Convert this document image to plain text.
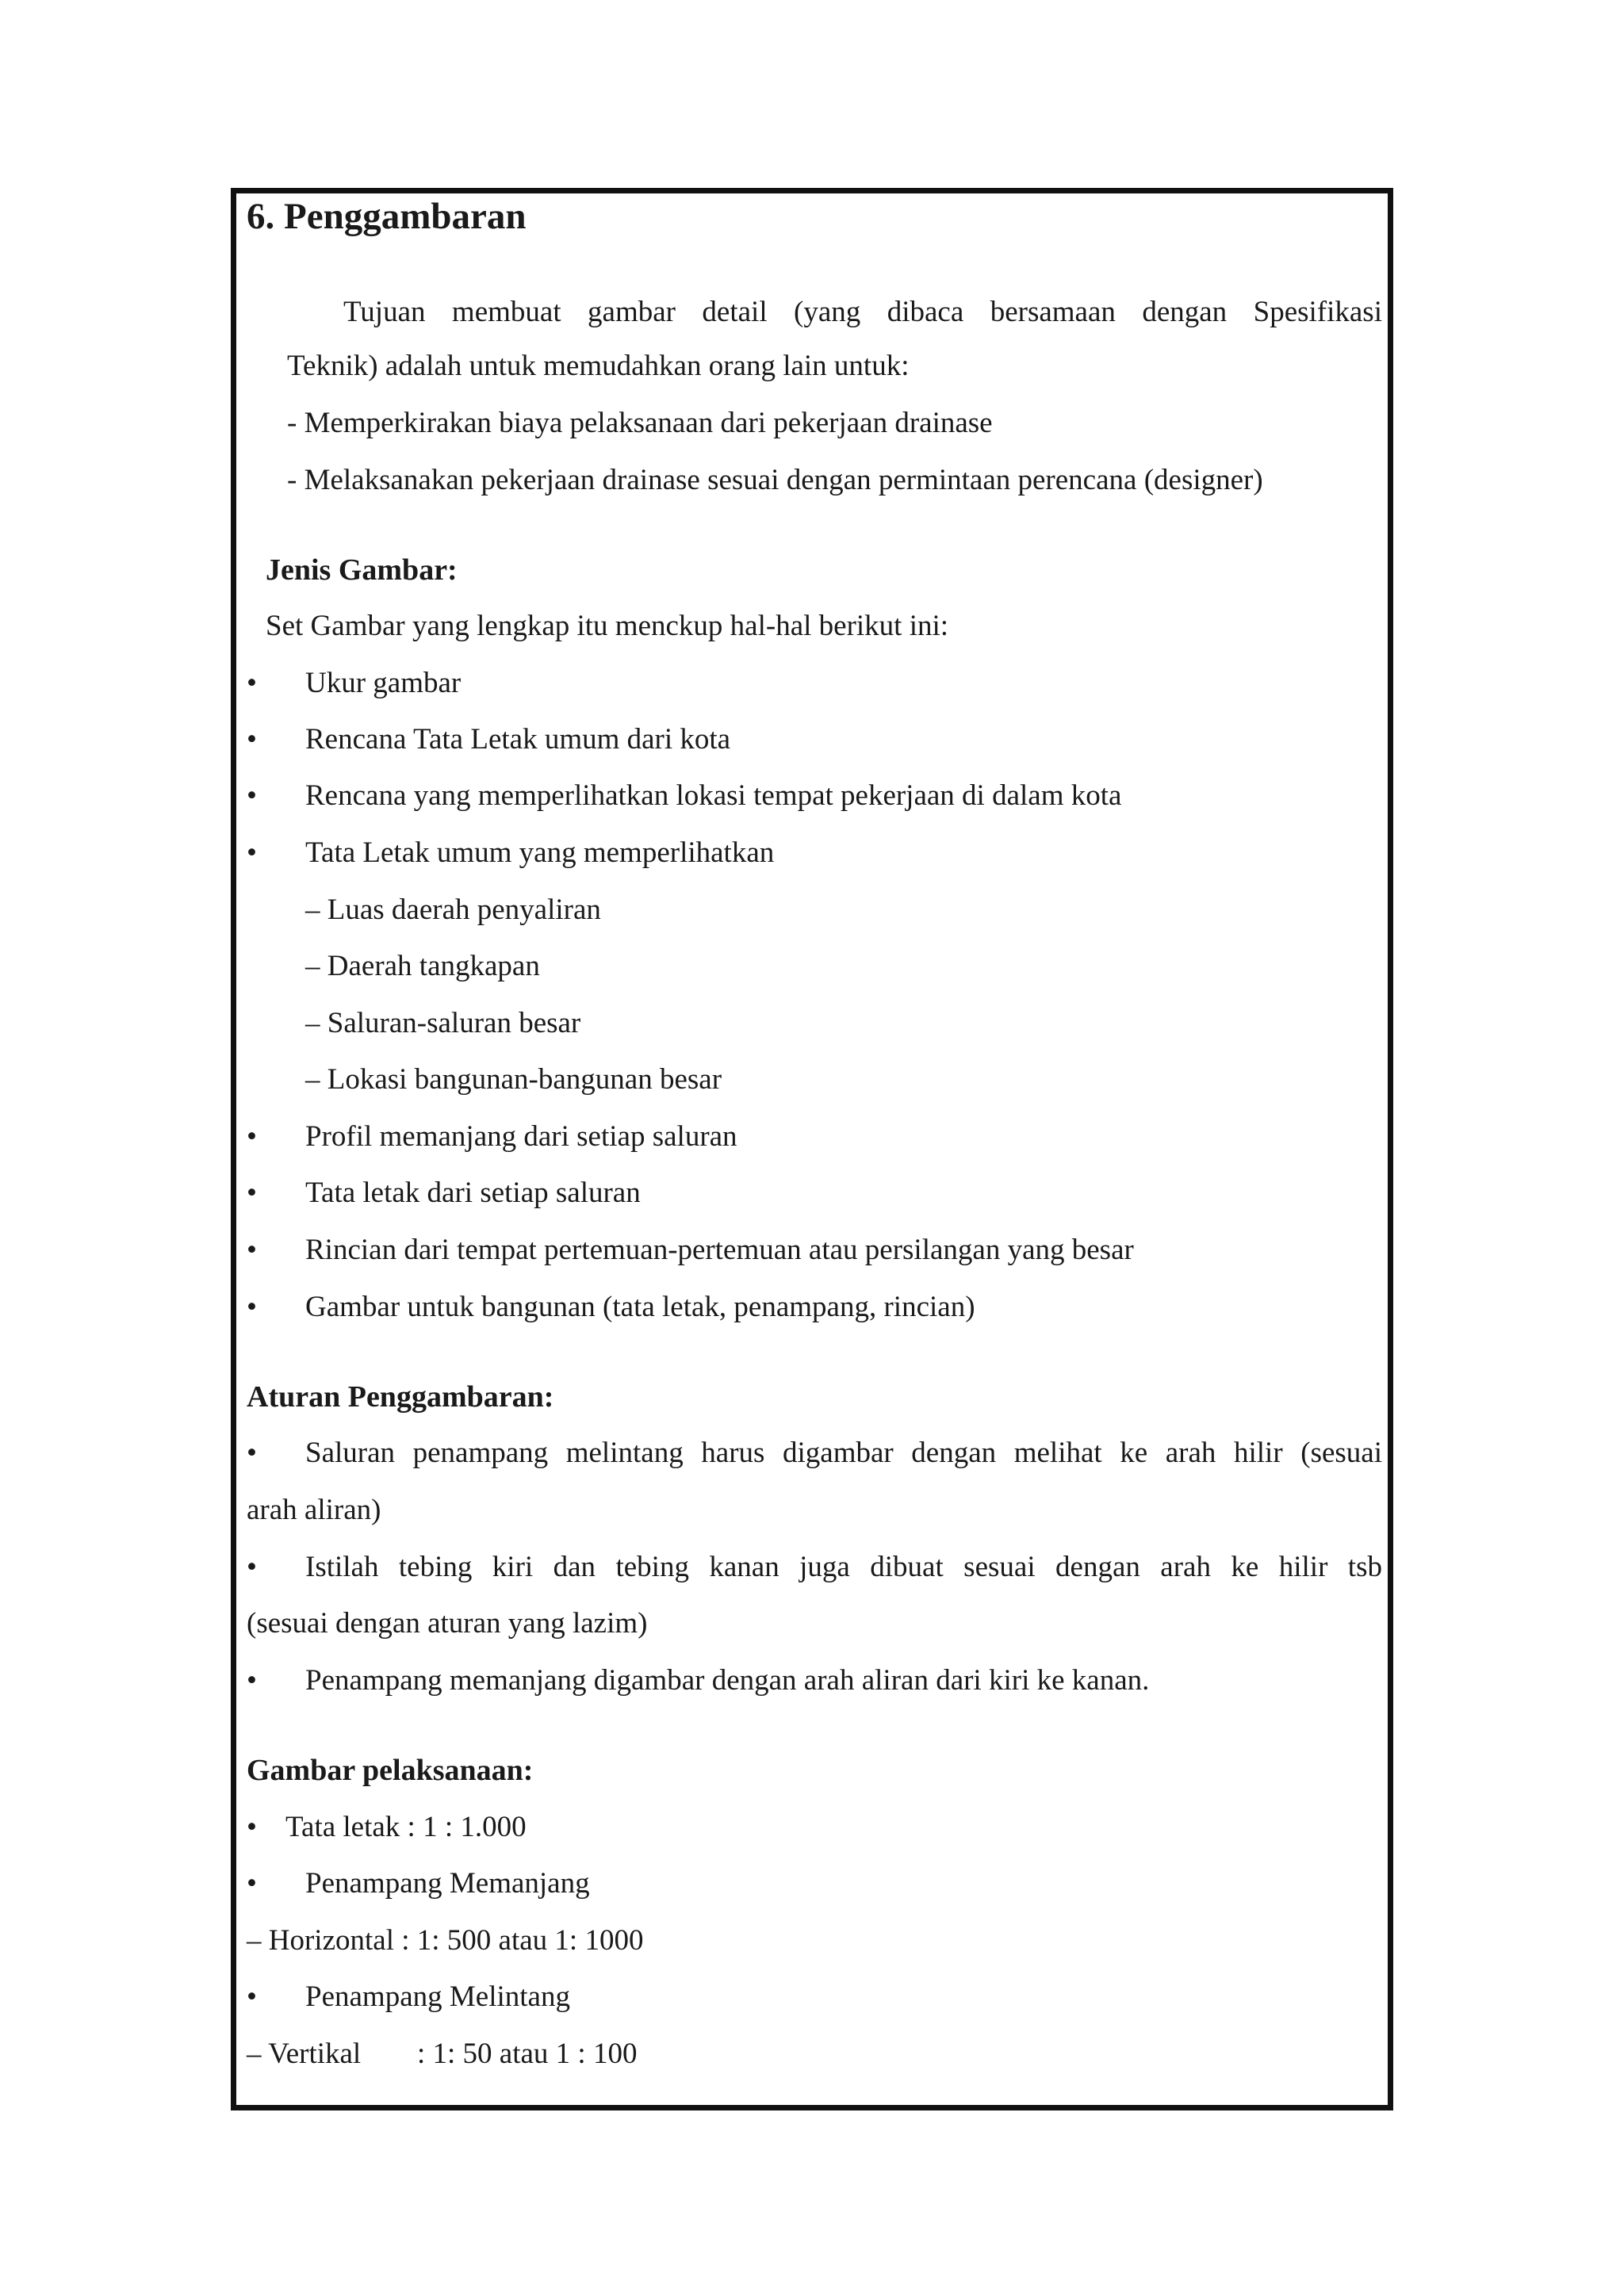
6. Penggambaran
Tujuan membuat gambar detail (yang dibaca bersamaan dengan Spesifikasi
Teknik) adalah untuk memudahkan orang lain untuk:
- Memperkirakan biaya pelaksanaan dari pekerjaan drainase
- Melaksanakan pekerjaan drainase sesuai dengan permintaan perencana (designer)
Jenis Gambar:
Set Gambar yang lengkap itu menckup hal-hal berikut ini:
• Ukur gambar
• Rencana Tata Letak umum dari kota
• Rencana yang memperlihatkan lokasi tempat pekerjaan di dalam kota
• Tata Letak umum yang memperlihatkan
– Luas daerah penyaliran
– Daerah tangkapan
– Saluran-saluran besar
– Lokasi bangunan-bangunan besar
• Profil memanjang dari setiap saluran
• Tata letak dari setiap saluran
• Rincian dari tempat pertemuan-pertemuan atau persilangan yang besar
• Gambar untuk bangunan (tata letak, penampang, rincian)
Aturan Penggambaran:
• Saluran penampang melintang harus digambar dengan melihat ke arah hilir (sesuai
arah aliran)
• Istilah tebing kiri dan tebing kanan juga dibuat sesuai dengan arah ke hilir tsb
(sesuai dengan aturan yang lazim)
• Penampang memanjang digambar dengan arah aliran dari kiri ke kanan.
Gambar pelaksanaan:
• Tata letak : 1 : 1.000
• Penampang Memanjang
– Horizontal : 1: 500 atau 1: 1000
• Penampang Melintang
– Vertikal : 1: 50 atau 1 : 100
